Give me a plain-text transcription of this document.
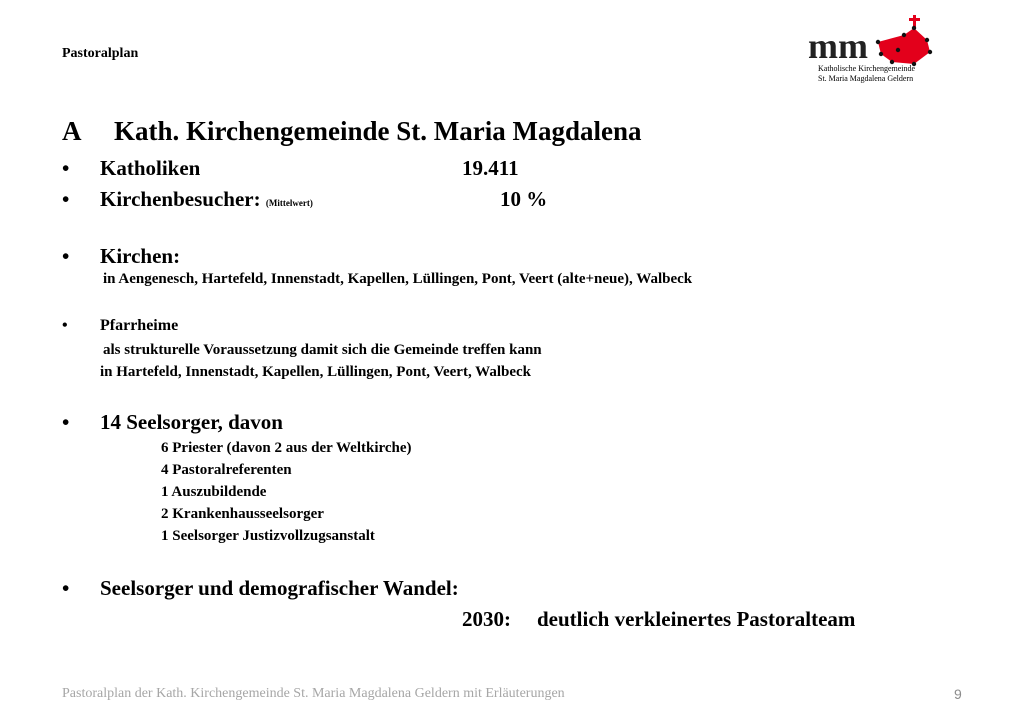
Pastoralplan	mm
Katholische Kirchengemeinde
St. Maria Magdalena Geldern
A Kath. Kirchengemeinde St. Maria Magdalena
• Katholiken	19.411
• Kirchenbesucher: (Mittelwert)	10 %
• Kirchen:
in Aengenesch, Hartefeld, Innenstadt, Kapellen, Lüllingen, Pont, Veert (alte+neue), Walbeck
• Pfarrheime
als strukturelle Voraussetzung damit sich die Gemeinde treffen kann
in Hartefeld, Innenstadt, Kapellen, Lüllingen, Pont, Veert, Walbeck
• 14 Seelsorger, davon
6 Priester (davon 2 aus der Weltkirche)
4 Pastoralreferenten
1 Auszubildende
2 Krankenhausseelsorger
1 Seelsorger Justizvollzugsanstalt
• Seelsorger und demografischer Wandel:
2030: deutlich verkleinertes Pastoralteam
Pastoralplan der Kath. Kirchengemeinde St. Maria Magdalena Geldern mit Erläuterungen	9
